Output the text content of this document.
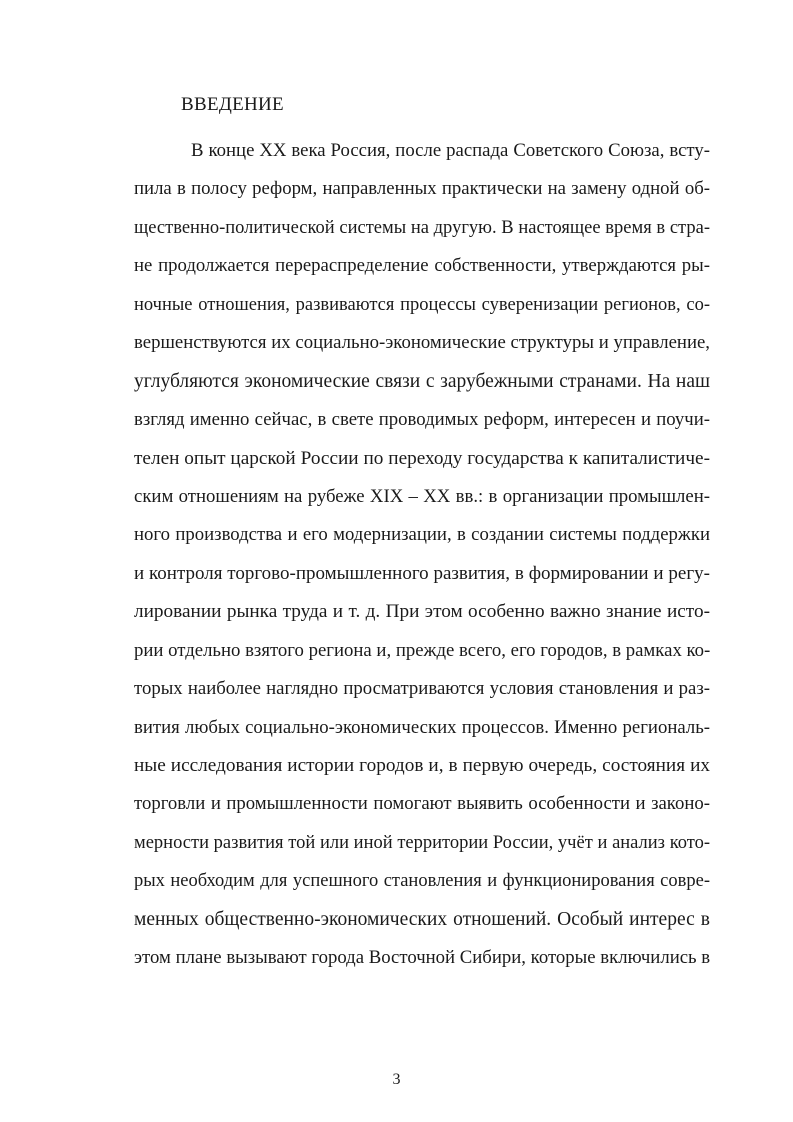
ВВЕДЕНИЕ
В конце XX века Россия, после распада Советского Союза, всту-
пила в полосу реформ, направленных практически на замену одной об-
щественно-политической системы на другую. В настоящее время в стра-
не продолжается перераспределение собственности, утверждаются ры-
ночные отношения, развиваются процессы суверенизации регионов, со-
вершенствуются их социально-экономические структуры и управление,
углубляются экономические связи с зарубежными странами. На наш
взгляд именно сейчас, в свете проводимых реформ, интересен и поучи-
телен опыт царской России по переходу государства к капиталистиче-
ским отношениям на рубеже XIX – XX вв.: в организации промышлен-
ного производства и его модернизации, в создании системы поддержки
и контроля торгово-промышленного развития, в формировании и регу-
лировании рынка труда и т. д. При этом особенно важно знание исто-
рии отдельно взятого региона и, прежде всего, его городов, в рамках ко-
торых наиболее наглядно просматриваются условия становления и раз-
вития любых социально-экономических процессов. Именно региональ-
ные исследования истории городов и, в первую очередь, состояния их
торговли и промышленности помогают выявить особенности и законо-
мерности развития той или иной территории России, учёт и анализ кото-
рых необходим для успешного становления и функционирования совре-
менных общественно-экономических отношений. Особый интерес в
этом плане вызывают города Восточной Сибири, которые включились в
3
